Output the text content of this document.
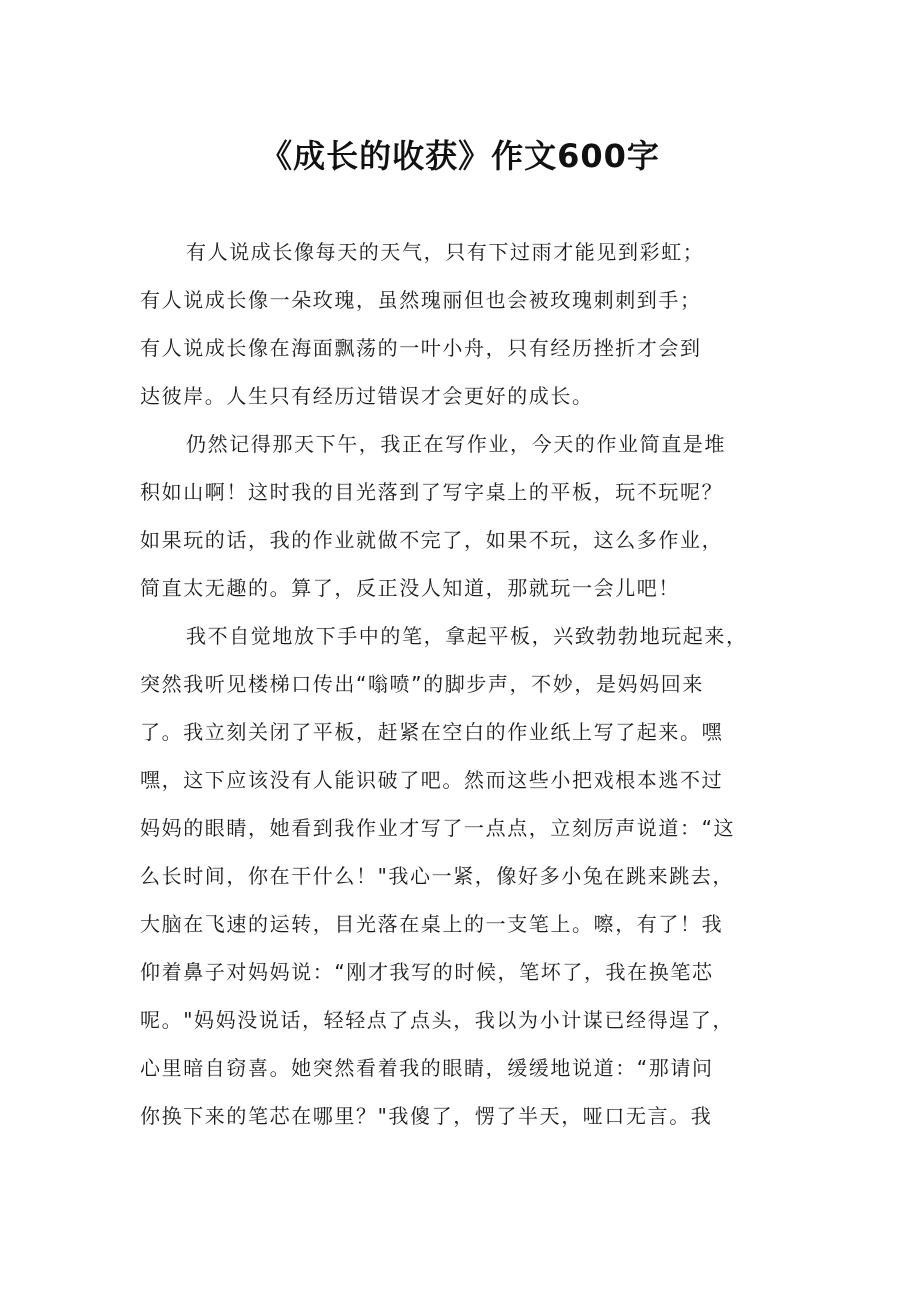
《成长的收获》作文600字
有人说成长像每天的天气，只有下过雨才能见到彩虹；
有人说成长像一朵玫瑰，虽然瑰丽但也会被玫瑰刺刺到手；
有人说成长像在海面飘荡的一叶小舟，只有经历挫折才会到
达彼岸。人生只有经历过错误才会更好的成长。
仍然记得那天下午，我正在写作业，今天的作业简直是堆
积如山啊！这时我的目光落到了写字桌上的平板，玩不玩呢？
如果玩的话，我的作业就做不完了，如果不玩，这么多作业，
简直太无趣的。算了，反正没人知道，那就玩一会儿吧！
我不自觉地放下手中的笔，拿起平板，兴致勃勃地玩起来，
突然我听见楼梯口传出“嗡喷”的脚步声，不妙，是妈妈回来
了。我立刻关闭了平板，赶紧在空白的作业纸上写了起来。嘿
嘿，这下应该没有人能识破了吧。然而这些小把戏根本逃不过
妈妈的眼睛，她看到我作业才写了一点点，立刻厉声说道：“这
么长时间，你在干什么！"我心一紧，像好多小兔在跳来跳去，
大脑在飞速的运转，目光落在桌上的一支笔上。嚓，有了！我
仰着鼻子对妈妈说：“刚才我写的时候，笔坏了，我在换笔芯
呢。"妈妈没说话，轻轻点了点头，我以为小计谋已经得逞了，
心里暗自窃喜。她突然看着我的眼睛，缓缓地说道：“那请问
你换下来的笔芯在哪里？"我傻了，愣了半天，哑口无言。我
